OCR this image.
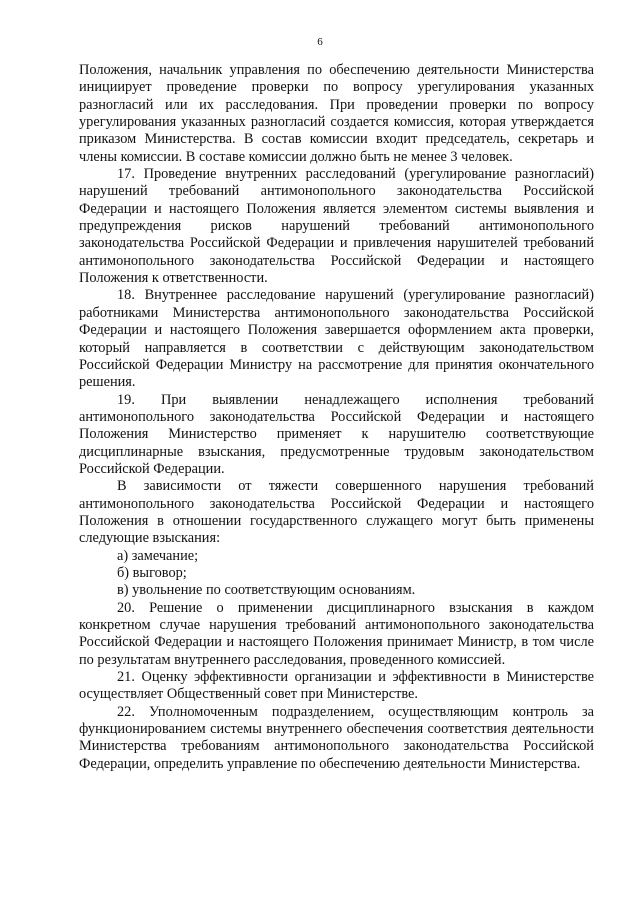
6

Положения, начальник управления по обеспечению деятельности Министерства инициирует проведение проверки по вопросу урегулирования указанных разногласий или их расследования. При проведении проверки по вопросу урегулирования указанных разногласий создается комиссия, которая утверждается приказом Министерства. В состав комиссии входит председатель, секретарь и члены комиссии. В составе комиссии должно быть не менее 3 человек.

17. Проведение внутренних расследований (урегулирование разногласий) нарушений требований антимонопольного законодательства Российской Федерации и настоящего Положения является элементом системы выявления и предупреждения рисков нарушений требований антимонопольного законодательства Российской Федерации и привлечения нарушителей требований антимонопольного законодательства Российской Федерации и настоящего Положения к ответственности.

18. Внутреннее расследование нарушений (урегулирование разногласий) работниками Министерства антимонопольного законодательства Российской Федерации и настоящего Положения завершается оформлением акта проверки, который направляется в соответствии с действующим законодательством Российской Федерации Министру на рассмотрение для принятия окончательного решения.

19. При выявлении ненадлежащего исполнения требований антимонопольного законодательства Российской Федерации и настоящего Положения Министерство применяет к нарушителю соответствующие дисциплинарные взыскания, предусмотренные трудовым законодательством Российской Федерации.

В зависимости от тяжести совершенного нарушения требований антимонопольного законодательства Российской Федерации и настоящего Положения в отношении государственного служащего могут быть применены следующие взыскания:

а) замечание;

б) выговор;

в) увольнение по соответствующим основаниям.

20. Решение о применении дисциплинарного взыскания в каждом конкретном случае нарушения требований антимонопольного законодательства Российской Федерации и настоящего Положения принимает Министр, в том числе по результатам внутреннего расследования, проведенного комиссией.

21. Оценку эффективности организации и эффективности в Министерстве осуществляет Общественный совет при Министерстве.

22. Уполномоченным подразделением, осуществляющим контроль за функционированием системы внутреннего обеспечения соответствия деятельности Министерства требованиям антимонопольного законодательства Российской Федерации, определить управление по обеспечению деятельности Министерства.
